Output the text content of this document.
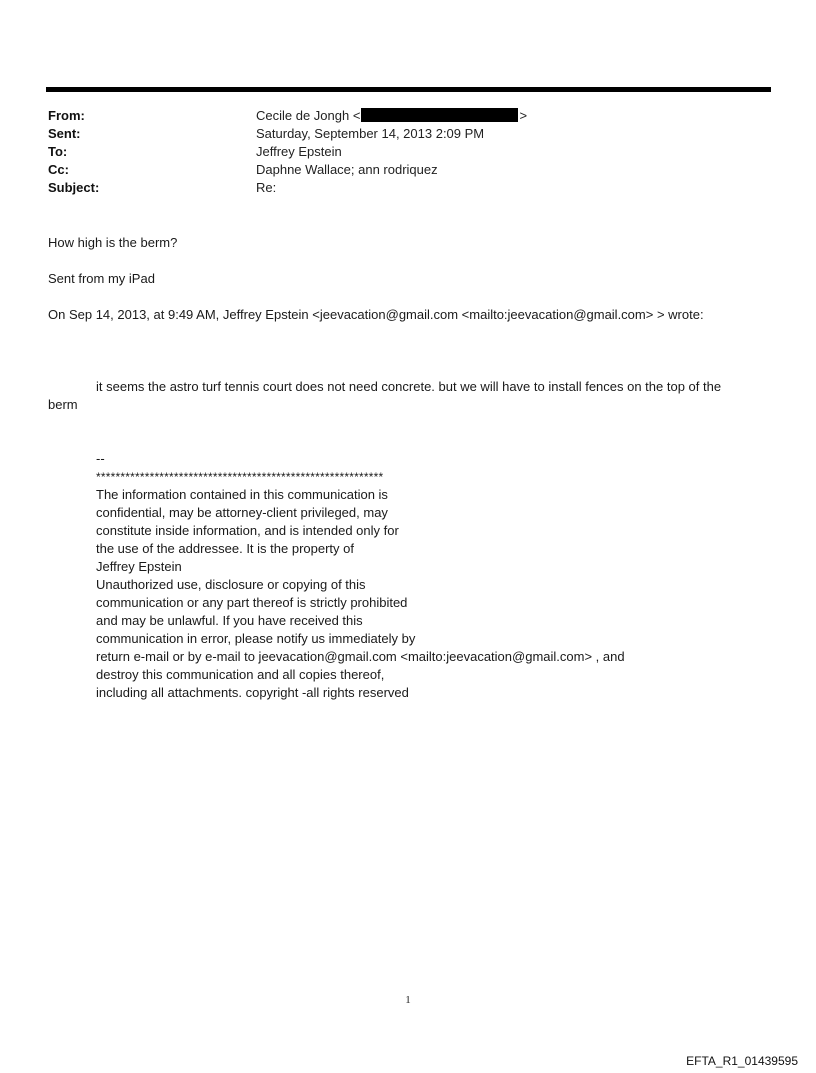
From:	Cecile de Jongh <	>
Sent:	Saturday, September 14, 2013 2:09 PM
To:	Jeffrey Epstein
Cc:	Daphne Wallace; ann rodriquez
Subject:	Re:
How high is the berm?
Sent from my iPad
On Sep 14, 2013, at 9:49 AM, Jeffrey Epstein <jeevacation@gmail.com <mailto:jeevacation@gmail.com> > wrote:
it seems the astro turf tennis court does not need concrete. but we will have to install fences on the top of the
berm
--
***********************************************************
The information contained in this communication is
confidential, may be attorney-client privileged, may
constitute inside information, and is intended only for
the use of the addressee. It is the property of
Jeffrey Epstein
Unauthorized use, disclosure or copying of this
communication or any part thereof is strictly prohibited
and may be unlawful. If you have received this
communication in error, please notify us immediately by
return e-mail or by e-mail to jeevacation@gmail.com <mailto:jeevacation@gmail.com> , and
destroy this communication and all copies thereof,
including all attachments. copyright -all rights reserved
1
EFTA_R1_01439595
